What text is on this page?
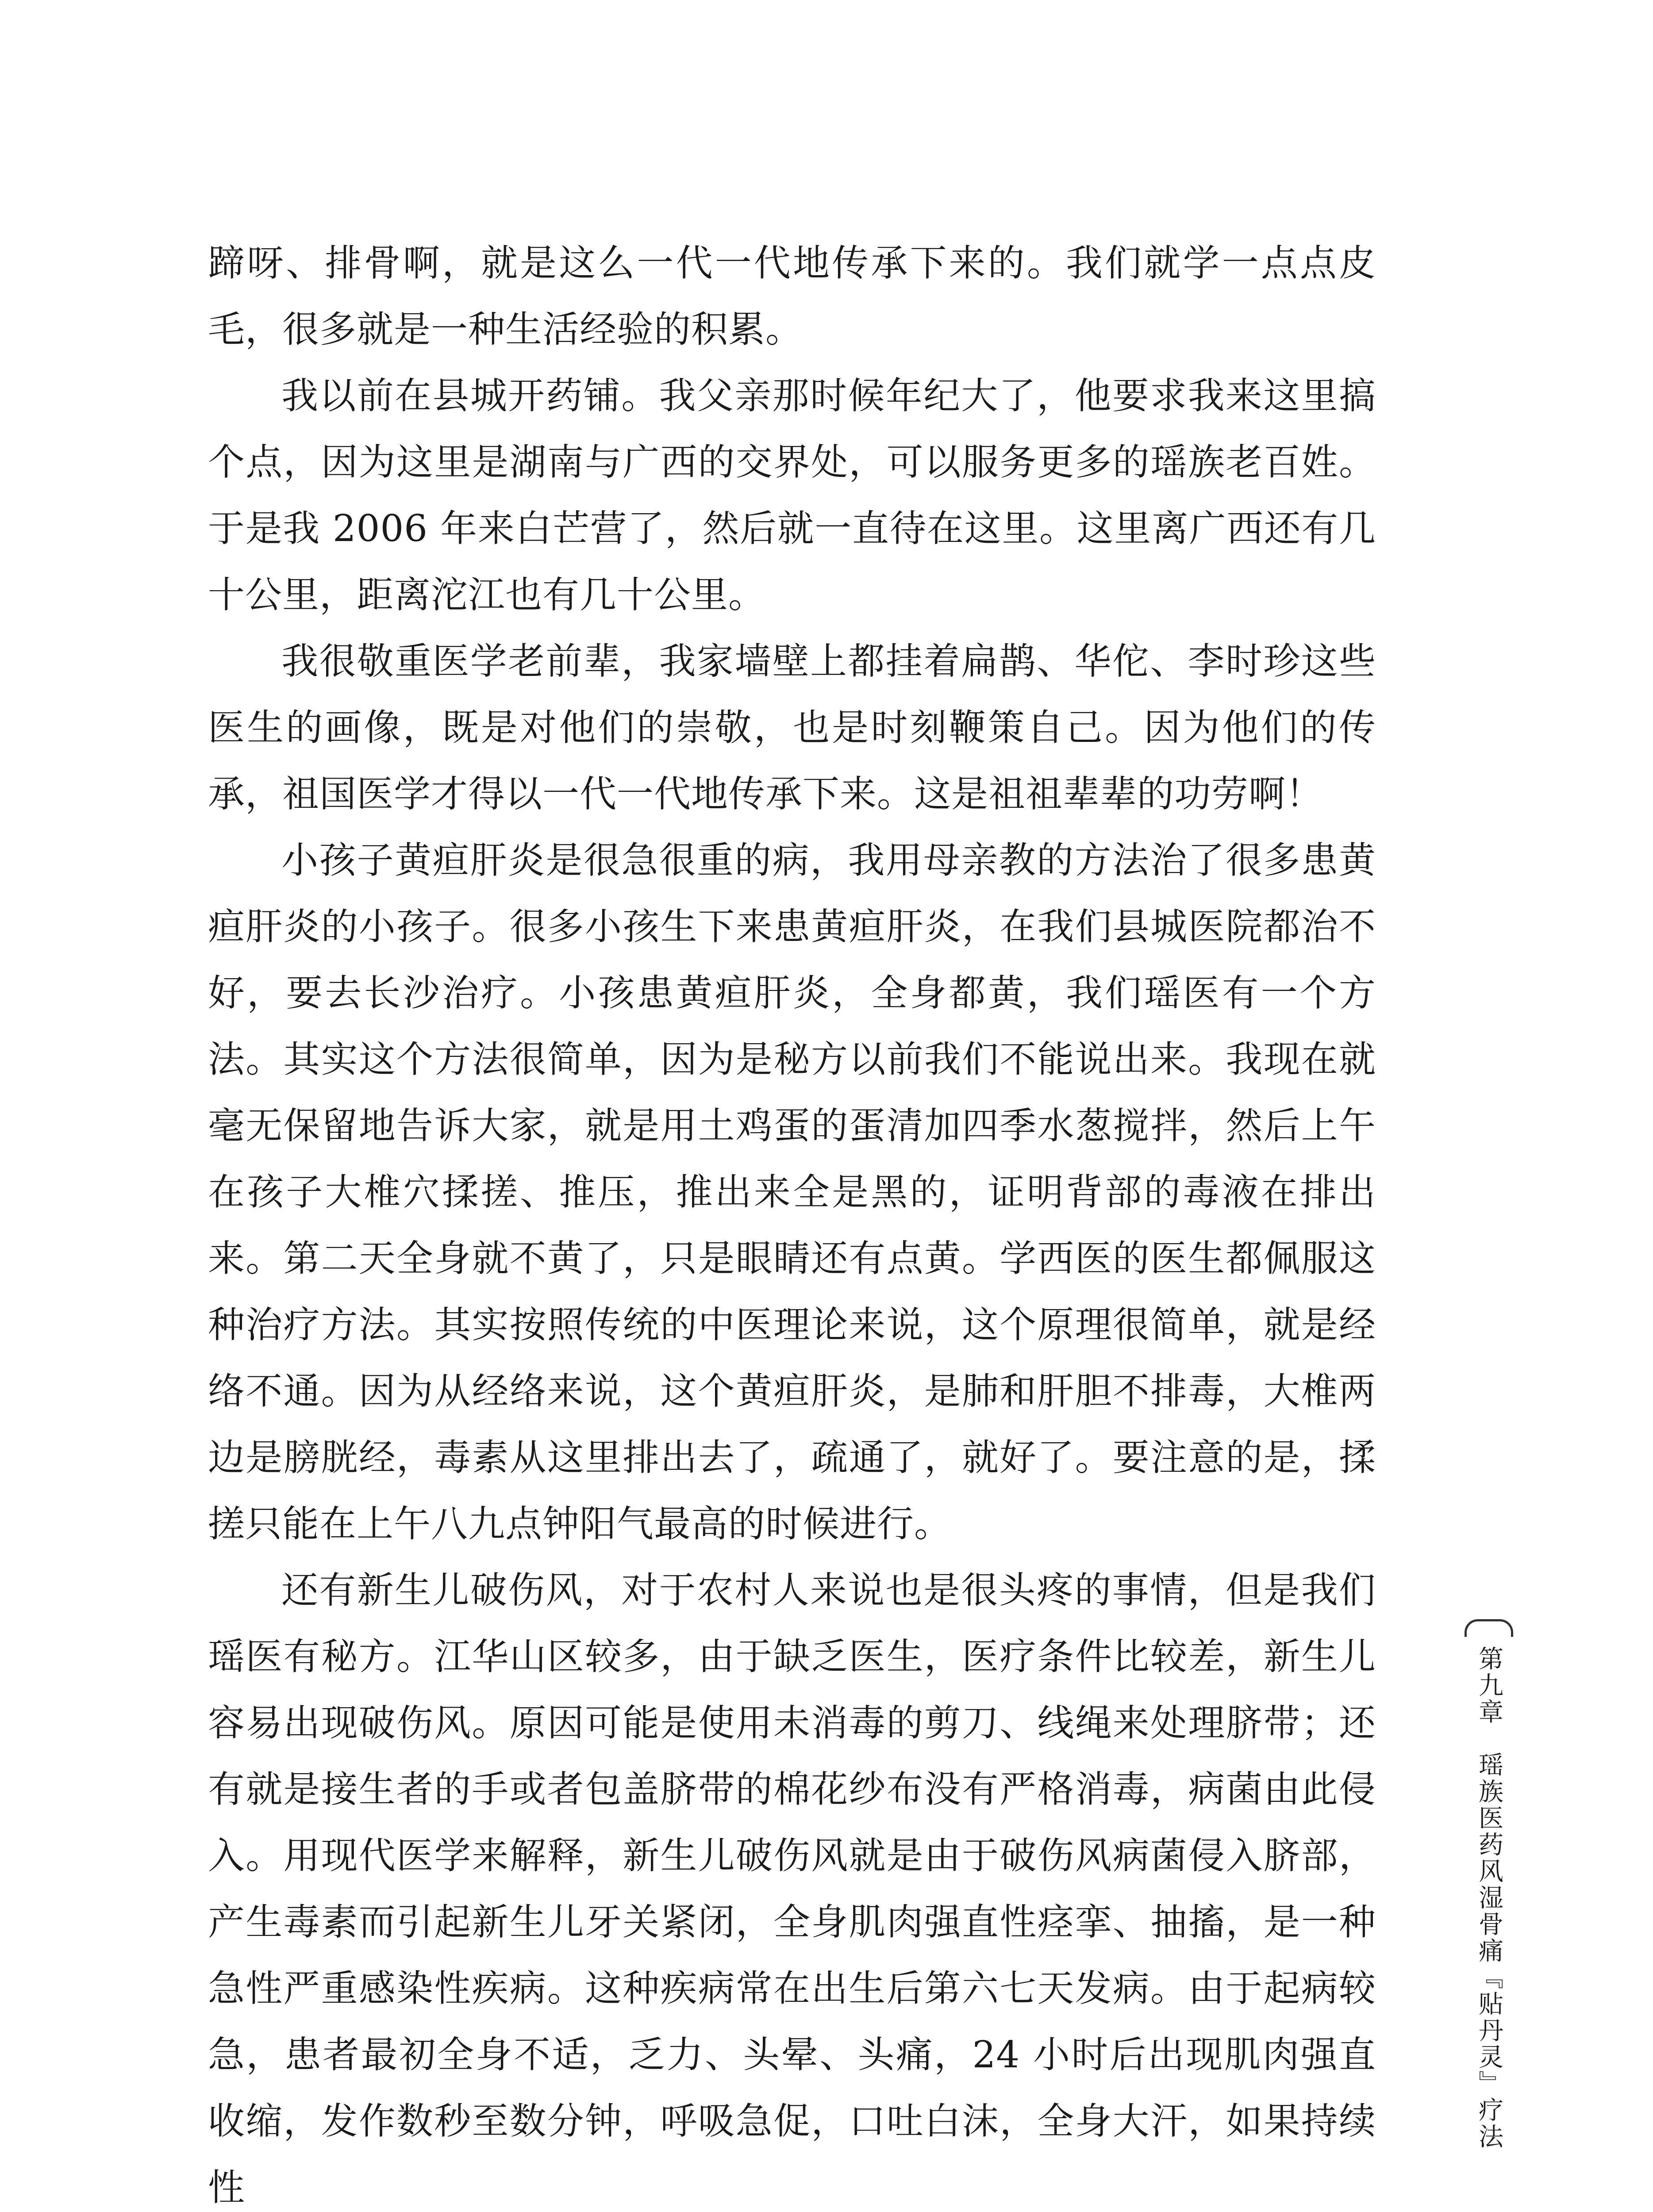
蹄呀、排骨啊，就是这么一代一代地传承下来的。我们就学一点点皮毛，很多就是一种生活经验的积累。

我以前在县城开药铺。我父亲那时候年纪大了，他要求我来这里搞个点，因为这里是湖南与广西的交界处，可以服务更多的瑶族老百姓。于是我 2006 年来白芒营了，然后就一直待在这里。这里离广西还有几十公里，距离沱江也有几十公里。

我很敬重医学老前辈，我家墙壁上都挂着扁鹊、华佗、李时珍这些医生的画像，既是对他们的崇敬，也是时刻鞭策自己。因为他们的传承，祖国医学才得以一代一代地传承下来。这是祖祖辈辈的功劳啊！

小孩子黄疸肝炎是很急很重的病，我用母亲教的方法治了很多患黄疸肝炎的小孩子。很多小孩生下来患黄疸肝炎，在我们县城医院都治不好，要去长沙治疗。小孩患黄疸肝炎，全身都黄，我们瑶医有一个方法。其实这个方法很简单，因为是秘方以前我们不能说出来。我现在就毫无保留地告诉大家，就是用土鸡蛋的蛋清加四季水葱搅拌，然后上午在孩子大椎穴揉搓、推压，推出来全是黑的，证明背部的毒液在排出来。第二天全身就不黄了，只是眼睛还有点黄。学西医的医生都佩服这种治疗方法。其实按照传统的中医理论来说，这个原理很简单，就是经络不通。因为从经络来说，这个黄疸肝炎，是肺和肝胆不排毒，大椎两边是膀胱经，毒素从这里排出去了，疏通了，就好了。要注意的是，揉搓只能在上午八九点钟阳气最高的时候进行。

还有新生儿破伤风，对于农村人来说也是很头疼的事情，但是我们瑶医有秘方。江华山区较多，由于缺乏医生，医疗条件比较差，新生儿容易出现破伤风。原因可能是使用未消毒的剪刀、线绳来处理脐带；还有就是接生者的手或者包盖脐带的棉花纱布没有严格消毒，病菌由此侵入。用现代医学来解释，新生儿破伤风就是由于破伤风病菌侵入脐部，产生毒素而引起新生儿牙关紧闭，全身肌肉强直性痉挛、抽搐，是一种急性严重感染性疾病。这种疾病常在出生后第六七天发病。由于起病较急，患者最初全身不适，乏力、头晕、头痛，24 小时后出现肌肉强直收缩，发作数秒至数分钟，呼吸急促，口吐白沫，全身大汗，如果持续性

第九章
瑶族医药风湿骨痛『贴丹灵』疗法
